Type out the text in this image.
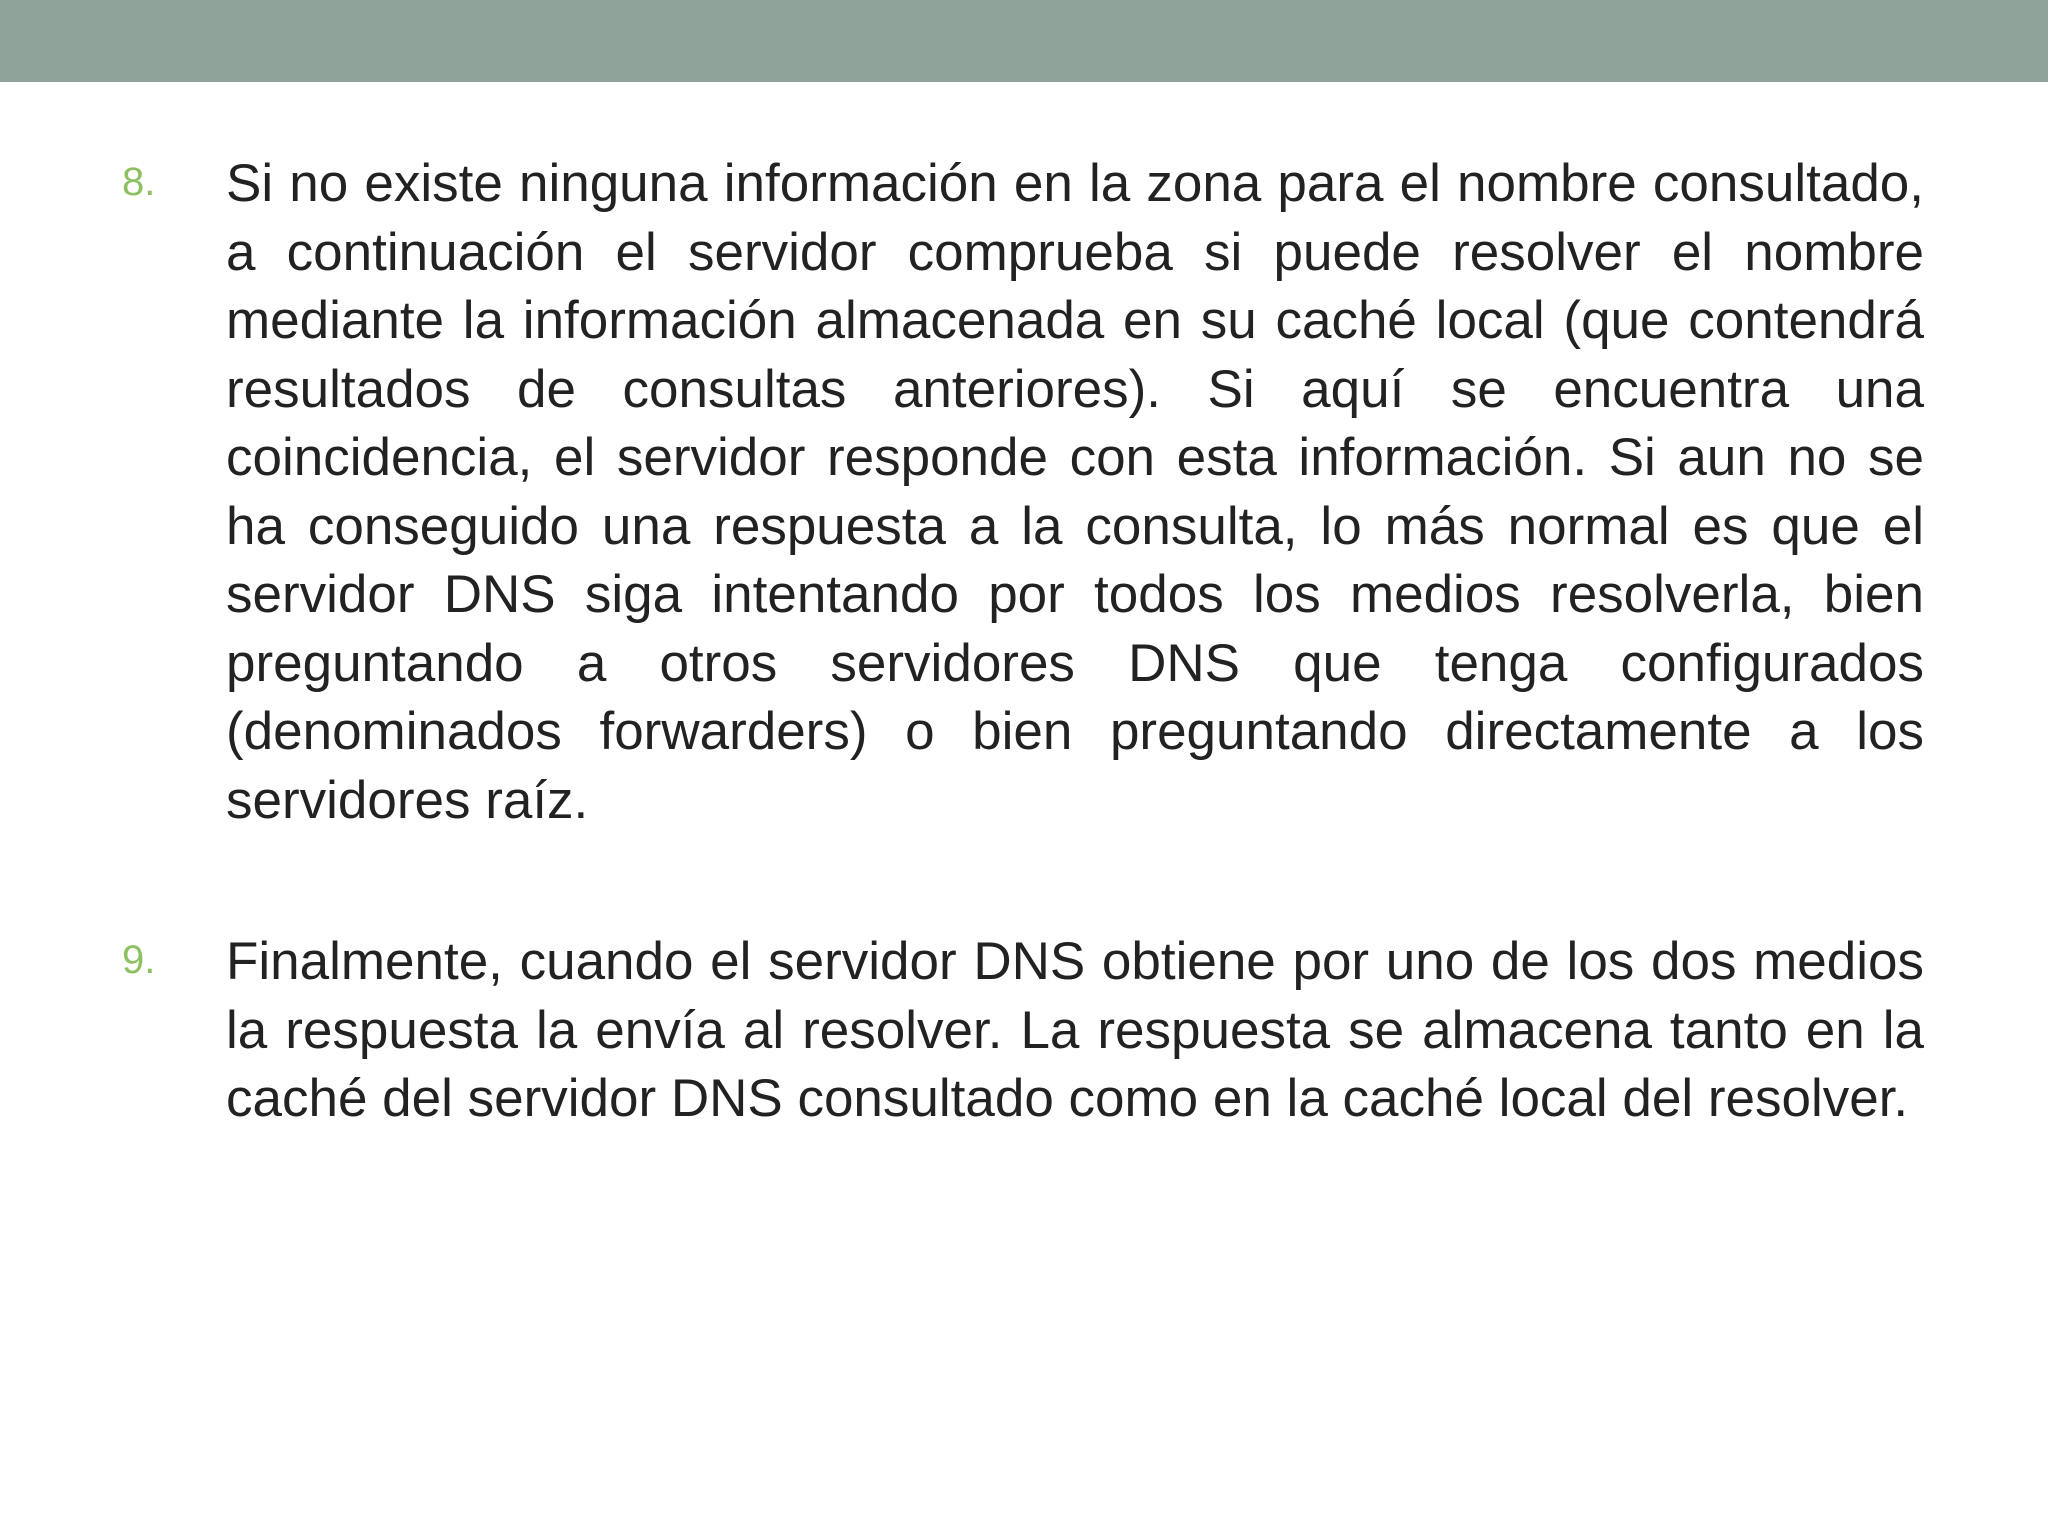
8. Si no existe ninguna información en la zona para el nombre consultado, a continuación el servidor comprueba si puede resolver el nombre mediante la información almacenada en su caché local (que contendrá resultados de consultas anteriores). Si aquí se encuentra una coincidencia, el servidor responde con esta información. Si aun no se ha conseguido una respuesta a la consulta, lo más normal es que el servidor DNS siga intentando por todos los medios resolverla, bien preguntando a otros servidores DNS que tenga configurados (denominados forwarders) o bien preguntando directamente a los servidores raíz.

9. Finalmente, cuando el servidor DNS obtiene por uno de los dos medios la respuesta la envía al resolver. La respuesta se almacena tanto en la caché del servidor DNS consultado como en la caché local del resolver.
